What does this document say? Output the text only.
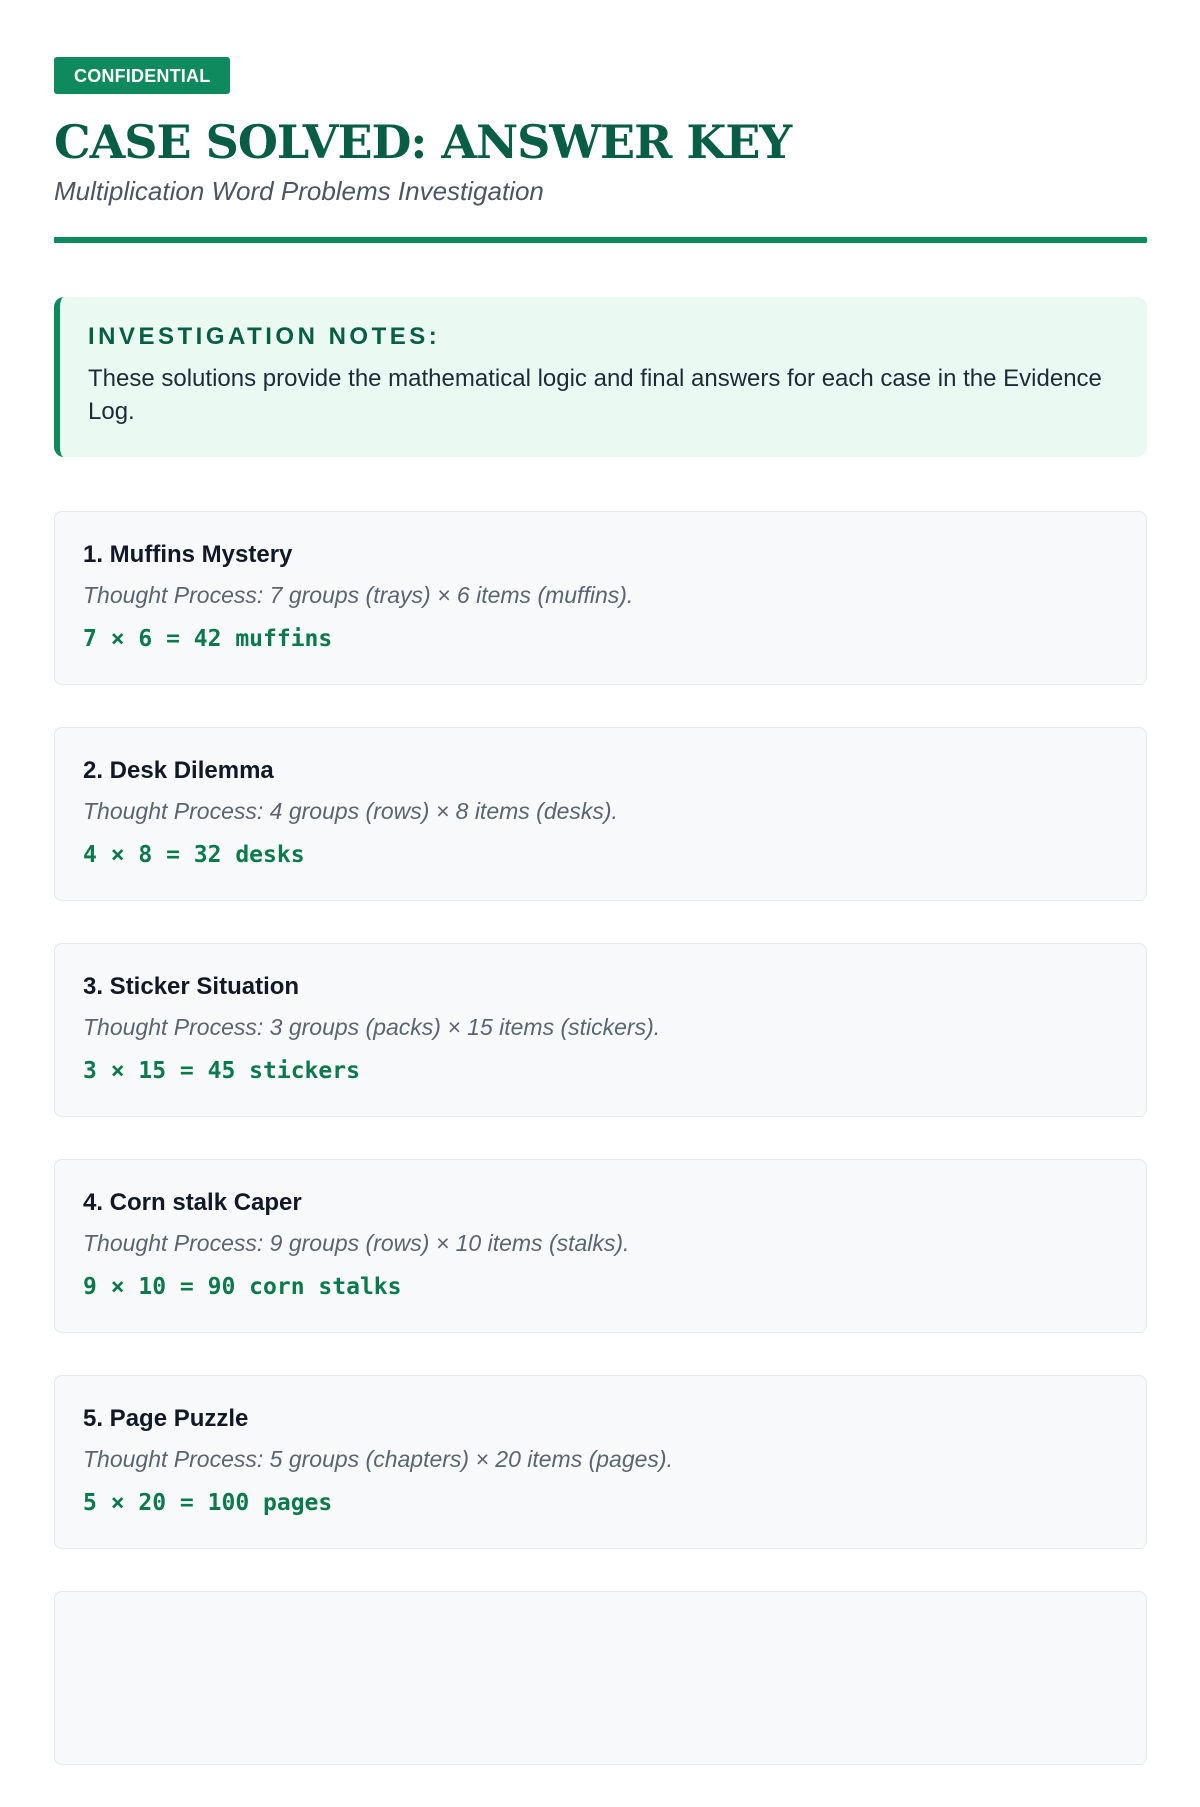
CONFIDENTIAL
CASE SOLVED: ANSWER KEY
Multiplication Word Problems Investigation
INVESTIGATION NOTES:
These solutions provide the mathematical logic and final answers for each case in the Evidence Log.
1. Muffins Mystery
Thought Process: 7 groups (trays) × 6 items (muffins).
7 × 6 = 42 muffins
2. Desk Dilemma
Thought Process: 4 groups (rows) × 8 items (desks).
4 × 8 = 32 desks
3. Sticker Situation
Thought Process: 3 groups (packs) × 15 items (stickers).
3 × 15 = 45 stickers
4. Corn stalk Caper
Thought Process: 9 groups (rows) × 10 items (stalks).
9 × 10 = 90 corn stalks
5. Page Puzzle
Thought Process: 5 groups (chapters) × 20 items (pages).
5 × 20 = 100 pages
